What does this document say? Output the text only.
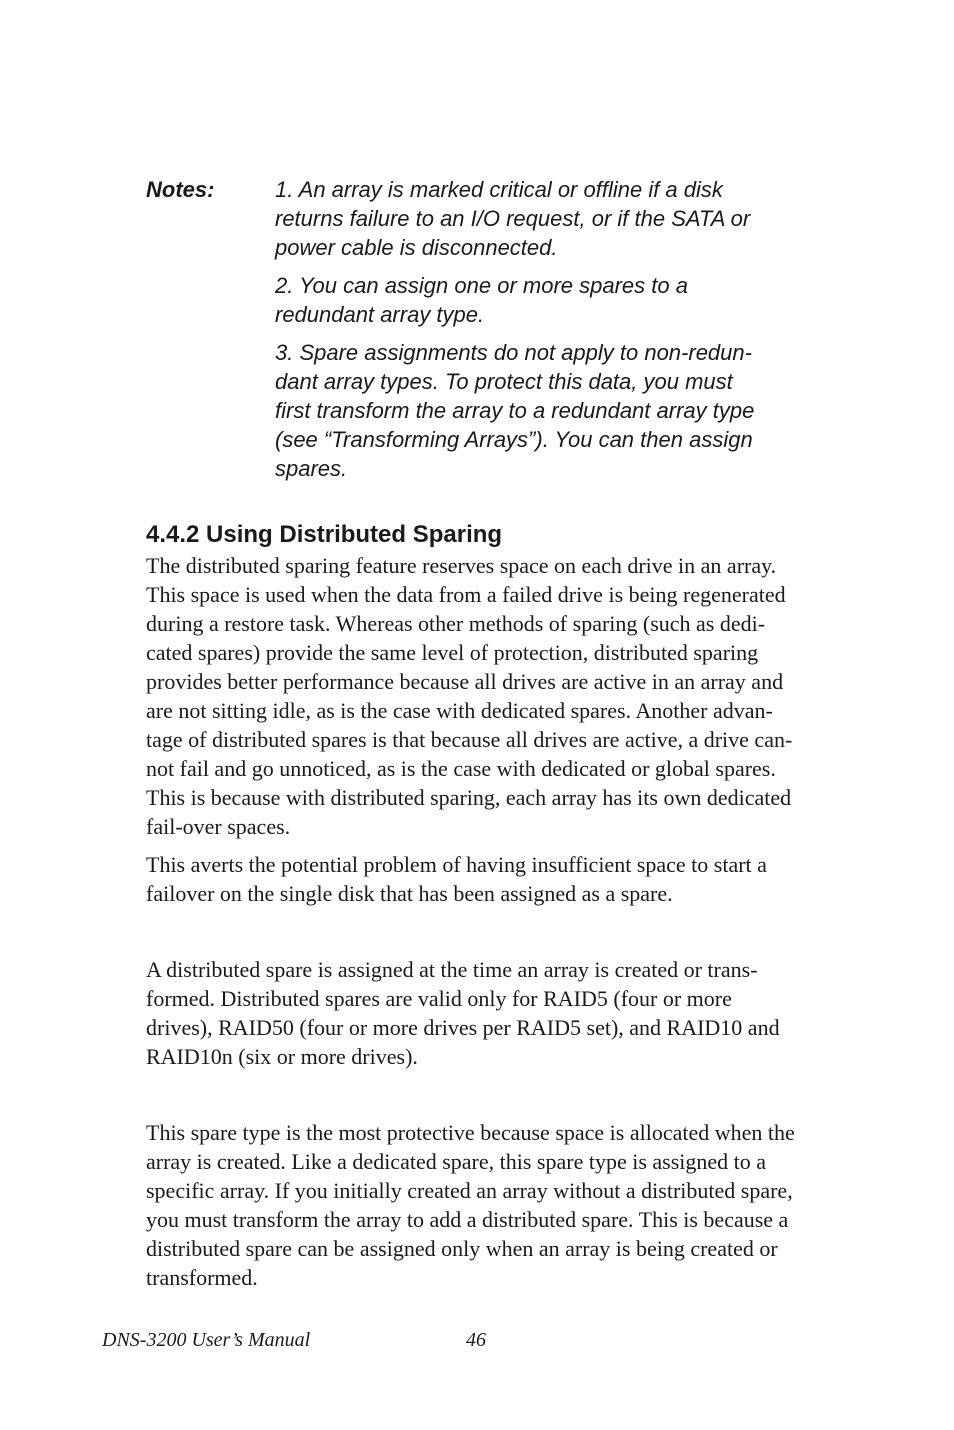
Notes:	1. An array is marked critical or offline if a disk
returns failure to an I/O request, or if the SATA or
power cable is disconnected.
2. You can assign one or more spares to a
redundant array type.
3. Spare assignments do not apply to non-redun-
dant array types. To protect this data, you must
first transform the array to a redundant array type
(see “Transforming Arrays”). You can then assign
spares.
4.4.2 Using Distributed Sparing
The distributed sparing feature reserves space on each drive in an array.
This space is used when the data from a failed drive is being regenerated
during a restore task. Whereas other methods of sparing (such as dedi-
cated spares) provide the same level of protection, distributed sparing
provides better performance because all drives are active in an array and
are not sitting idle, as is the case with dedicated spares. Another advan-
tage of distributed spares is that because all drives are active, a drive can-
not fail and go unnoticed, as is the case with dedicated or global spares.
This is because with distributed sparing, each array has its own dedicated
fail-over spaces.
This averts the potential problem of having insufficient space to start a
failover on the single disk that has been assigned as a spare.
A distributed spare is assigned at the time an array is created or trans-
formed. Distributed spares are valid only for RAID5 (four or more
drives), RAID50 (four or more drives per RAID5 set), and RAID10 and
RAID10n (six or more drives).
This spare type is the most protective because space is allocated when the
array is created. Like a dedicated spare, this spare type is assigned to a
specific array. If you initially created an array without a distributed spare,
you must transform the array to add a distributed spare. This is because a
distributed spare can be assigned only when an array is being created or
transformed.
DNS-3200 User’s Manual	46
